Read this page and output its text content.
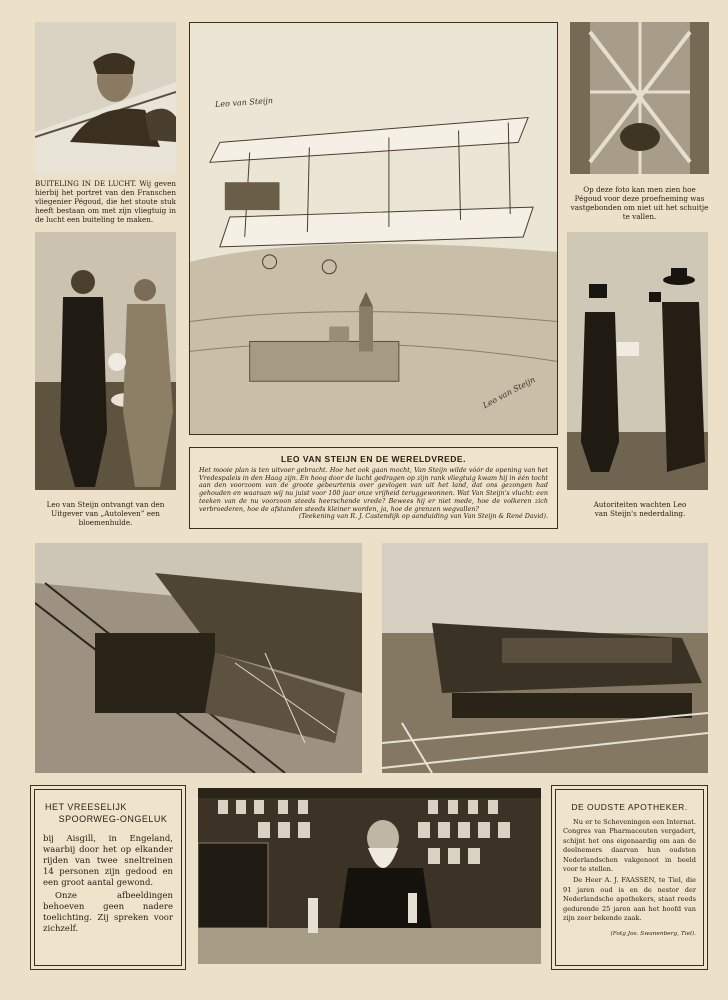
BUITELING IN DE LUCHT. Wij geven hierbij het portret van den Franschen vliegenier Pégoud, die het stoute stuk heeft bestaan om met zijn vliegtuig in de lucht een buiteling te maken.

Leo van Steijn
Leo van Steijn

Op deze foto kan men zien hoe Pégoud voor deze proefneming was vastgebonden om niet uit het schuitje te vallen.

Leo van Steijn ontvangt van den Uitgever van „Autoleven” een bloemenhulde.

Autoriteiten wachten Leo van Steijn's nederdaling.

LEO VAN STEIJN EN DE WERELDVREDE.

Het mooie plan is ten uitvoer gebracht. Hoe het ook gaan mocht, Van Steijn wilde vóór de opening van het Vredespaleis in den Haag zijn. En hoog door de lucht gedragen op zijn rank vliegtuig kwam hij in één tocht aan den voorzoom van de groote gebeurtenis over gevlogen van uit het land, dat ons gezongen had gehouden en waaraan wij nu juist voor 100 jaar onze vrijheid teruggewonnen. Wat Van Steijn's vlucht: een teeken van de nu voorzoon steeds heerschende vrede? Bewees hij er niet mede, hoe de volkeren zich verbroederen, hoe de afstanden steeds kleiner worden, ja, hoe de grenzen wegvallen?

(Teekening van R. J. Castendijk op aanduiding van Van Steijn & René David).

HET VREESELIJK
SPOORWEG-ONGELUK

bij Aisgill, in Engeland, waarbij door het op elkander rijden van twee sneltreinen 14 personen zijn gedood en een groot aantal gewond.

Onze afbeeldingen behoeven geen nadere toelichting. Zij spreken voor zichzelf.

DE OUDSTE APOTHEKER.

Nu er te Scheveningen een Internat. Congres van Pharmaceuten vergadert, schijnt het ons eigenaardig om aan de deelnemers daarvan hun oudsten Nederlandschen vakgenoot in beeld voor te stellen.

De Heer A. J. FAASSEN, te Tiel, die 91 jaren oud is en de nestor der Nederlandsche apothekers, staat reeds gedurende 25 jaren aan het hoofd van zijn zeer bekende zaak.

(Fotg Jos. Swanenberg, Tiel).
